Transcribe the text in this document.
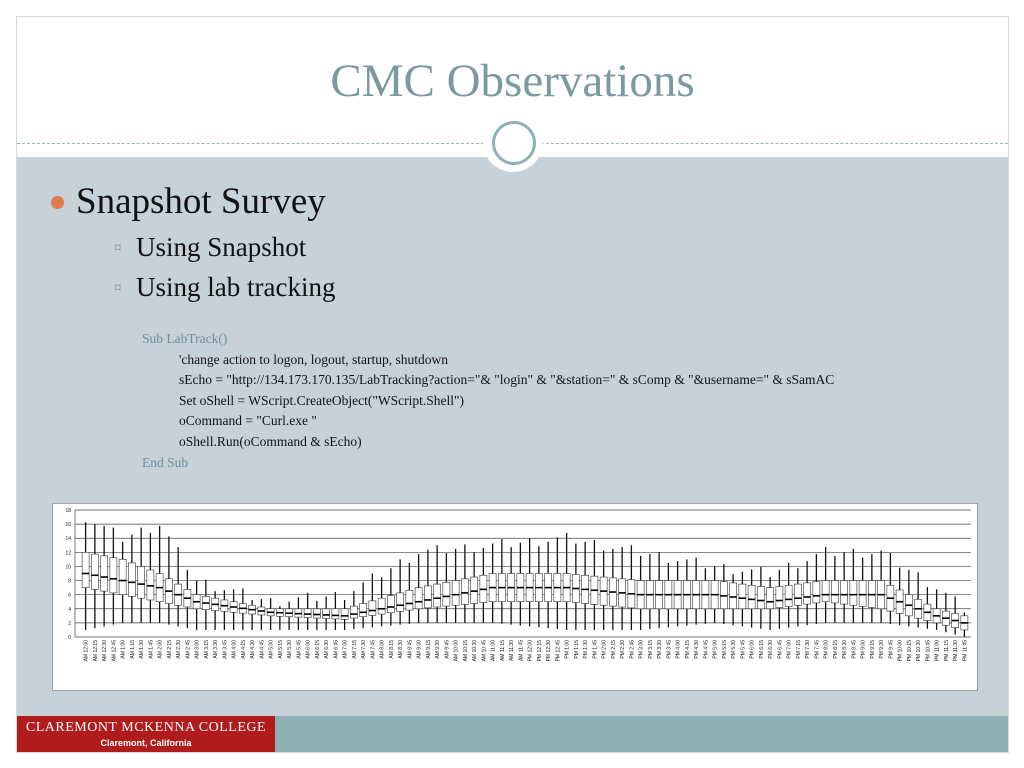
CMC Observations
Snapshot Survey
¤ Using Snapshot
¤ Using lab tracking
Sub LabTrack()
'change action to logon, logout, startup, shutdown
sEcho = "http://134.173.170.135/LabTracking?action="& "login" & "&station=" & sComp & "&username=" & sSamAC
Set oShell = WScript.CreateObject("WScript.Shell")
oCommand = "Curl.exe "
oShell.Run(oCommand & sEcho)
End Sub
0
2
4
6
8
10
12
14
16
18
AM 12:00 AM 12:15 AM 12:30 AM 12:45 AM 1:00 AM 1:15 AM 1:30 AM 1:45 AM 2:00 AM 2:15 AM 2:30 AM 2:45 AM 3:00 AM 3:15 AM 3:30 AM 3:45 AM 4:00 AM 4:15 AM 4:30 AM 4:45 AM 5:00 AM 5:15 AM 5:30 AM 5:45 AM 6:00 AM 6:15 AM 6:30 AM 6:45 AM 7:00 AM 7:15 AM 7:30 AM 7:45 AM 8:00 AM 8:15 AM 8:30 AM 8:45 AM 9:00 AM 9:15 AM 9:30 AM 9:45 AM 10:00 AM 10:15 AM 10:30 AM 10:45 AM 11:00 AM 11:15 AM 11:30 AM 11:45 PM 12:00 PM 12:15 PM 12:30 PM 12:45 PM 1:00 PM 1:15 PM 1:30 PM 1:45 PM 2:00 PM 2:15 PM 2:30 PM 2:45 PM 3:00 PM 3:15 PM 3:30 PM 3:45 PM 4:00 PM 4:15 PM 4:30 PM 4:45 PM 5:00 PM 5:15 PM 5:30 PM 5:45 PM 6:00 PM 6:15 PM 6:30 PM 6:45 PM 7:00 PM 7:15 PM 7:30 PM 7:45 PM 8:00 PM 8:15 PM 8:30 PM 8:45 PM 9:00 PM 9:15 PM 9:30 PM 9:45 PM 10:00 PM 10:15 PM 10:30 PM 10:45 PM 11:00 PM 11:15 PM 11:30 PM 11:45
CLAREMONT MCKENNA COLLEGE
Claremont, California
